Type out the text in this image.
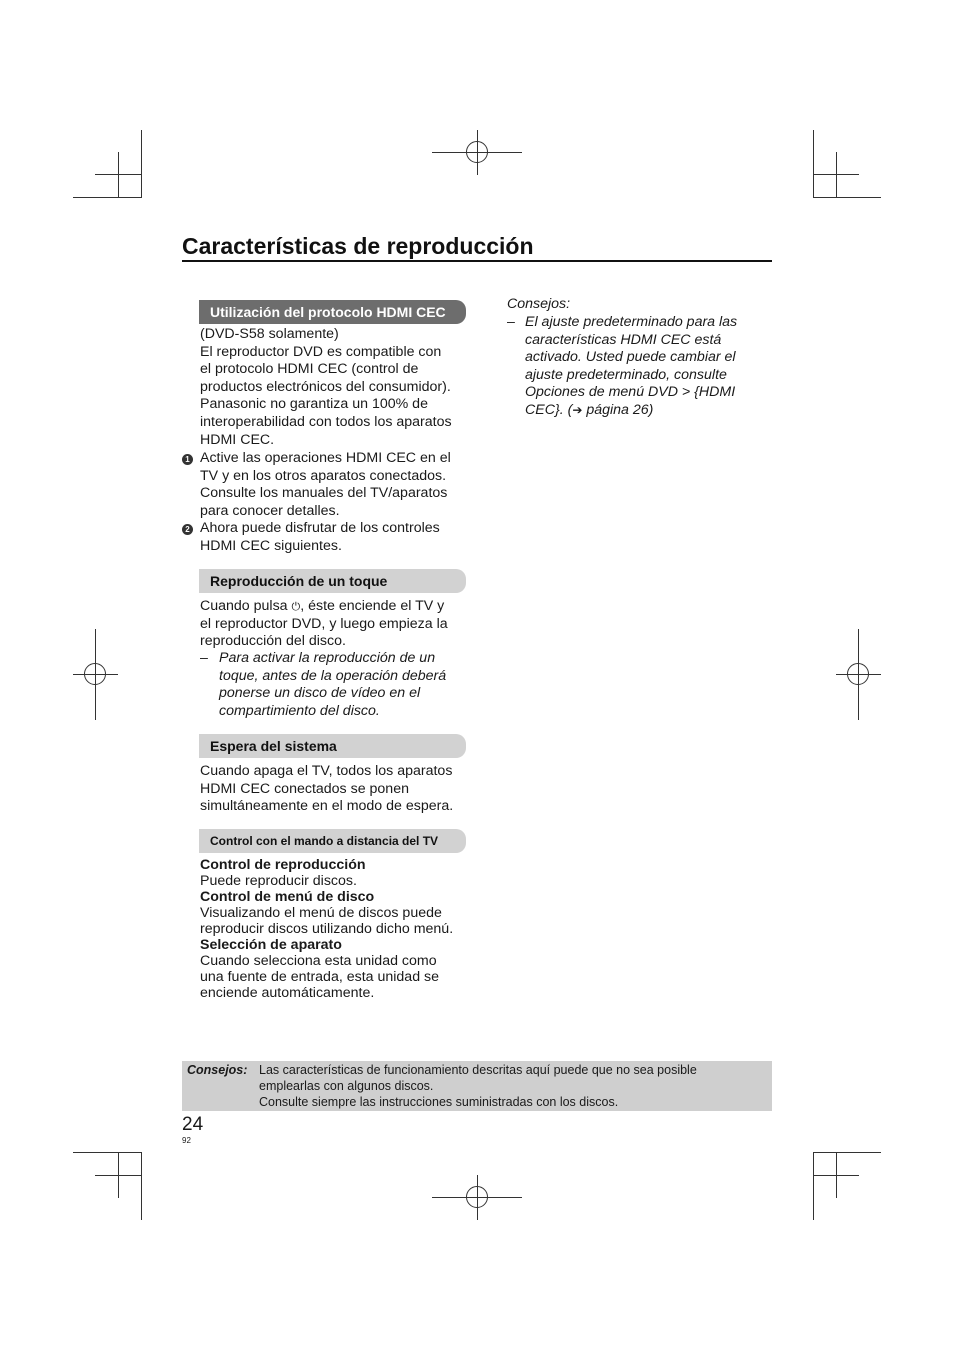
Características de reproducción
Utilización del protocolo HDMI CEC
(DVD-S58 solamente)
El reproductor DVD es compatible con
el protocolo HDMI CEC (control de
productos electrónicos del consumidor).
Panasonic no garantiza un 100% de
interoperabilidad con todos los aparatos
HDMI CEC.
1 Active las operaciones HDMI CEC en el
TV y en los otros aparatos conectados.
Consulte los manuales del TV/aparatos
para conocer detalles.
2 Ahora puede disfrutar de los controles
HDMI CEC siguientes.
Reproducción de un toque
Cuando pulsa ⏻, éste enciende el TV y
el reproductor DVD, y luego empieza la
reproducción del disco.
– Para activar la reproducción de un
toque, antes de la operación deberá
ponerse un disco de vídeo en el
compartimiento del disco.
Espera del sistema
Cuando apaga el TV, todos los aparatos
HDMI CEC conectados se ponen
simultáneamente en el modo de espera.
Control con el mando a distancia del TV
Control de reproducción
Puede reproducir discos.
Control de menú de disco
Visualizando el menú de discos puede
reproducir discos utilizando dicho menú.
Selección de aparato
Cuando selecciona esta unidad como
una fuente de entrada, esta unidad se
enciende automáticamente.
Consejos:
– El ajuste predeterminado para las
características HDMI CEC está
activado. Usted puede cambiar el
ajuste predeterminado, consulte
Opciones de menú DVD > {HDMI
CEC}. (➔ página 26)
Consejos: Las características de funcionamiento descritas aquí puede que no sea posible
emplearlas con algunos discos.
Consulte siempre las instrucciones suministradas con los discos.
24
92
